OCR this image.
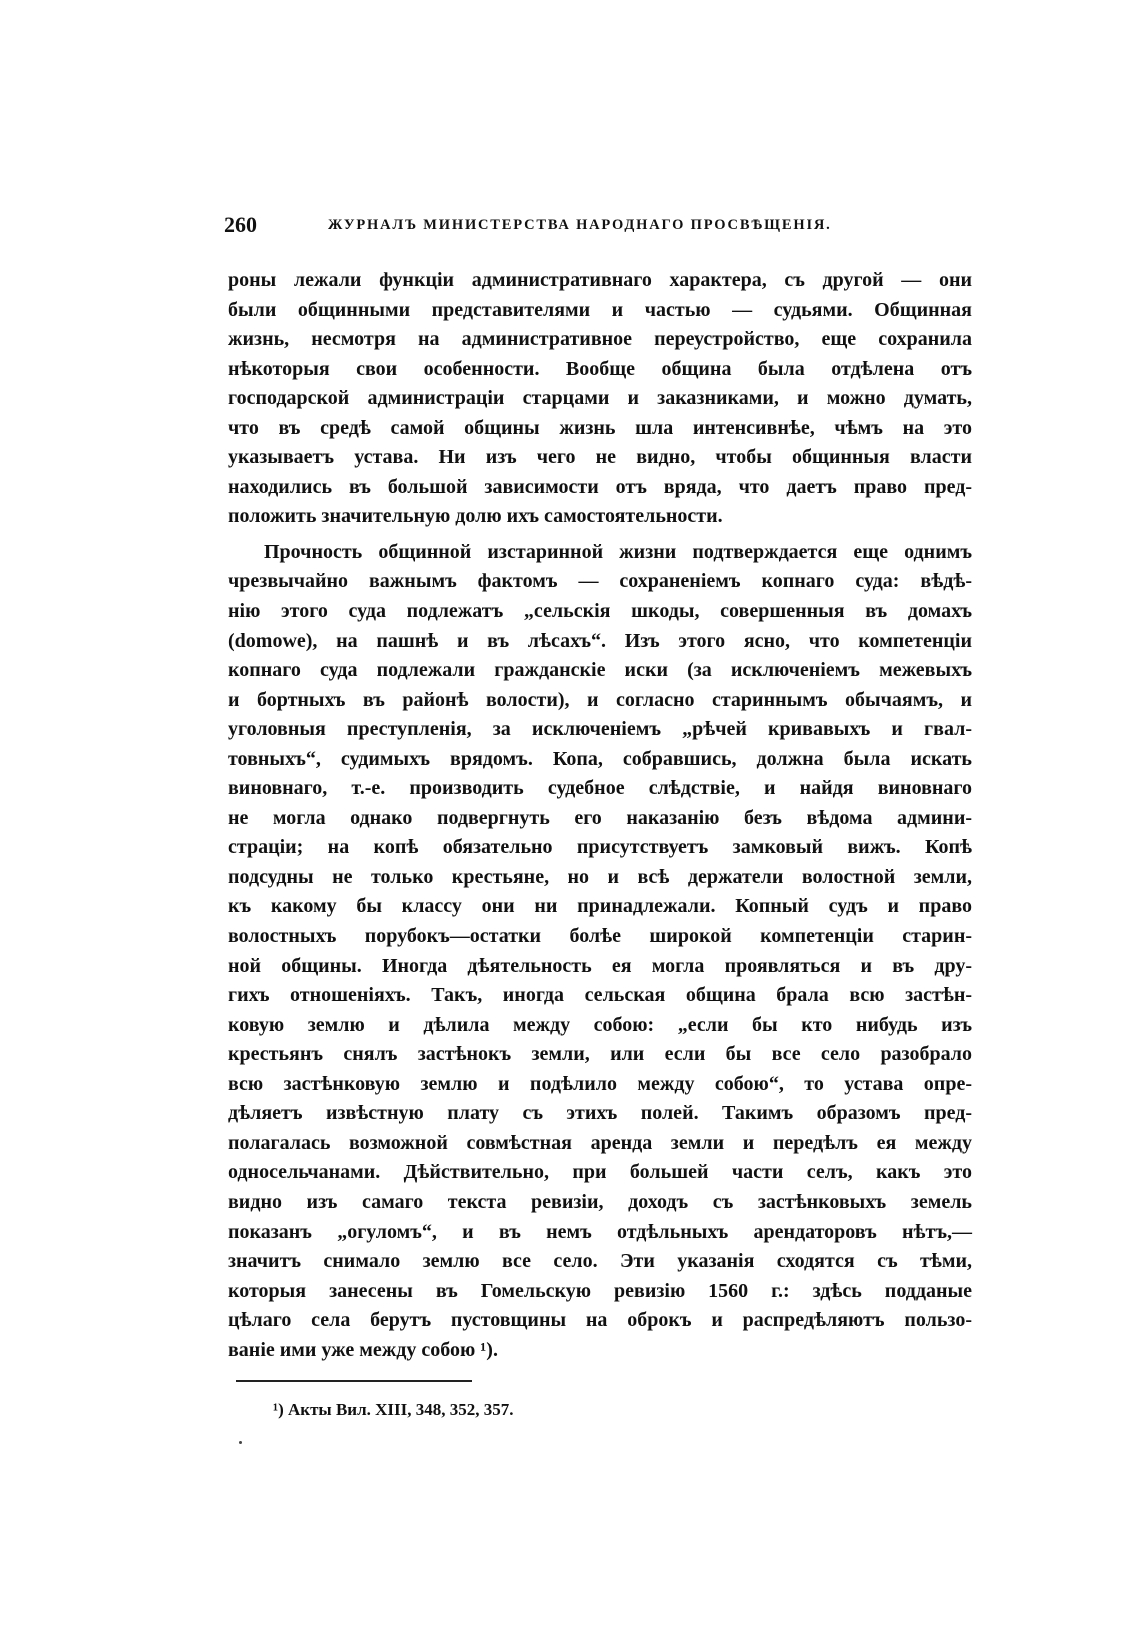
260	ЖУРНАЛЪ МИНИСТЕРСТВА НАРОДНАГО ПРОСВѢЩЕНІЯ.
роны лежали функціи административнаго характера, съ другой — они
были общинными представителями и частью — судьями. Общинная
жизнь, несмотря на административное переустройство, еще сохранила
нѣкоторыя свои особенности. Вообще община была отдѣлена отъ
господарской администраціи старцами и заказниками, и можно думать,
что въ средѣ самой общины жизнь шла интенсивнѣе, чѣмъ на это
указываетъ устава. Ни изъ чего не видно, чтобы общинныя власти
находились въ большой зависимости отъ вряда, что даетъ право пред-
положить значительную долю ихъ самостоятельности.
Прочность общинной изстаринной жизни подтверждается еще однимъ
чрезвычайно важнымъ фактомъ — сохраненіемъ копнаго суда: вѣдѣ-
нію этого суда подлежатъ „сельскія шкоды, совершенныя въ домахъ
(domowe), на пашнѣ и въ лѣсахъ“. Изъ этого ясно, что компетенціи
копнаго суда подлежали гражданскіе иски (за исключеніемъ межевыхъ
и бортныхъ въ районѣ волости), и согласно стариннымъ обычаямъ, и
уголовныя преступленія, за исключеніемъ „рѣчей кривавыхъ и гвал-
товныхъ“, судимыхъ врядомъ. Копа, собравшись, должна была искать
виновнаго, т.-е. производить судебное слѣдствіе, и найдя виновнаго
не могла однако подвергнуть его наказанію безъ вѣдома админи-
страціи; на копѣ обязательно присутствуетъ замковый вижъ. Копѣ
подсудны не только крестьяне, но и всѣ держатели волостной земли,
къ какому бы классу они ни принадлежали. Копный судъ и право
волостныхъ порубокъ—остатки болѣе широкой компетенціи старин-
ной общины. Иногда дѣятельность ея могла проявляться и въ дру-
гихъ отношеніяхъ. Такъ, иногда сельская община брала всю застѣн-
ковую землю и дѣлила между собою: „если бы кто нибудь изъ
крестьянъ снялъ застѣнокъ земли, или если бы все село разобрало
всю застѣнковую землю и подѣлило между собою“, то устава опре-
дѣляетъ извѣстную плату съ этихъ полей. Такимъ образомъ пред-
полагалась возможной совмѣстная аренда земли и передѣлъ ея между
односельчанами. Дѣйствительно, при большей части селъ, какъ это
видно изъ самаго текста ревизіи, доходъ съ застѣнковыхъ земель
показанъ „огуломъ“, и въ немъ отдѣльныхъ арендаторовъ нѣтъ,—
значитъ снимало землю все село. Эти указанія сходятся съ тѣми,
которыя занесены въ Гомельскую ревизію 1560 г.: здѣсь поддaные
цѣлаго села берутъ пустовщины на оброкъ и распредѣляютъ пользо-
ваніе ими уже между собою ¹).
¹) Акты Вил. XIII, 348, 352, 357.
